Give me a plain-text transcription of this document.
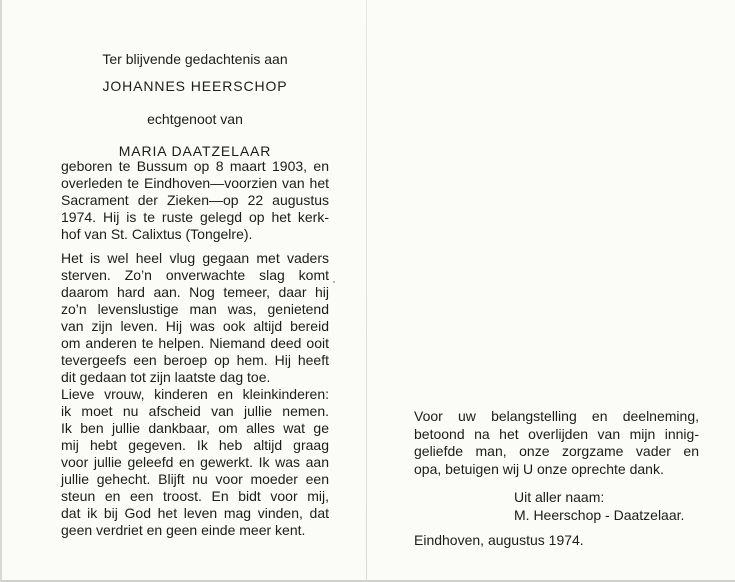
Ter blijvende gedachtenis aan

JOHANNES HEERSCHOP

echtgenoot van

MARIA DAATZELAAR

geboren te Bussum op 8 maart 1903, en
overleden te Eindhoven—voorzien van het
Sacrament der Zieken—op 22 augustus
1974. Hij is te ruste gelegd op het kerk-
hof van St. Calixtus (Tongelre).
Het is wel heel vlug gegaan met vaders
sterven. Zo’n onverwachte slag komt
daarom hard aan. Nog temeer, daar hij
zo’n levenslustige man was, genietend
van zijn leven. Hij was ook altijd bereid
om anderen te helpen. Niemand deed ooit
tevergeefs een beroep op hem. Hij heeft
dit gedaan tot zijn laatste dag toe.
Lieve vrouw, kinderen en kleinkinderen:
ik moet nu afscheid van jullie nemen.
Ik ben jullie dankbaar, om alles wat ge
mij hebt gegeven. Ik heb altijd graag
voor jullie geleefd en gewerkt. Ik was aan
jullie gehecht. Blijft nu voor moeder een
steun en een troost. En bidt voor mij,
dat ik bij God het leven mag vinden, dat
geen verdriet en geen einde meer kent.
Voor uw belangstelling en deelneming,
betoond na het overlijden van mijn innig-
geliefde man, onze zorgzame vader en
opa, betuigen wij U onze oprechte dank.
Uit aller naam:
M. Heerschop - Daatzelaar.
Eindhoven, augustus 1974.
